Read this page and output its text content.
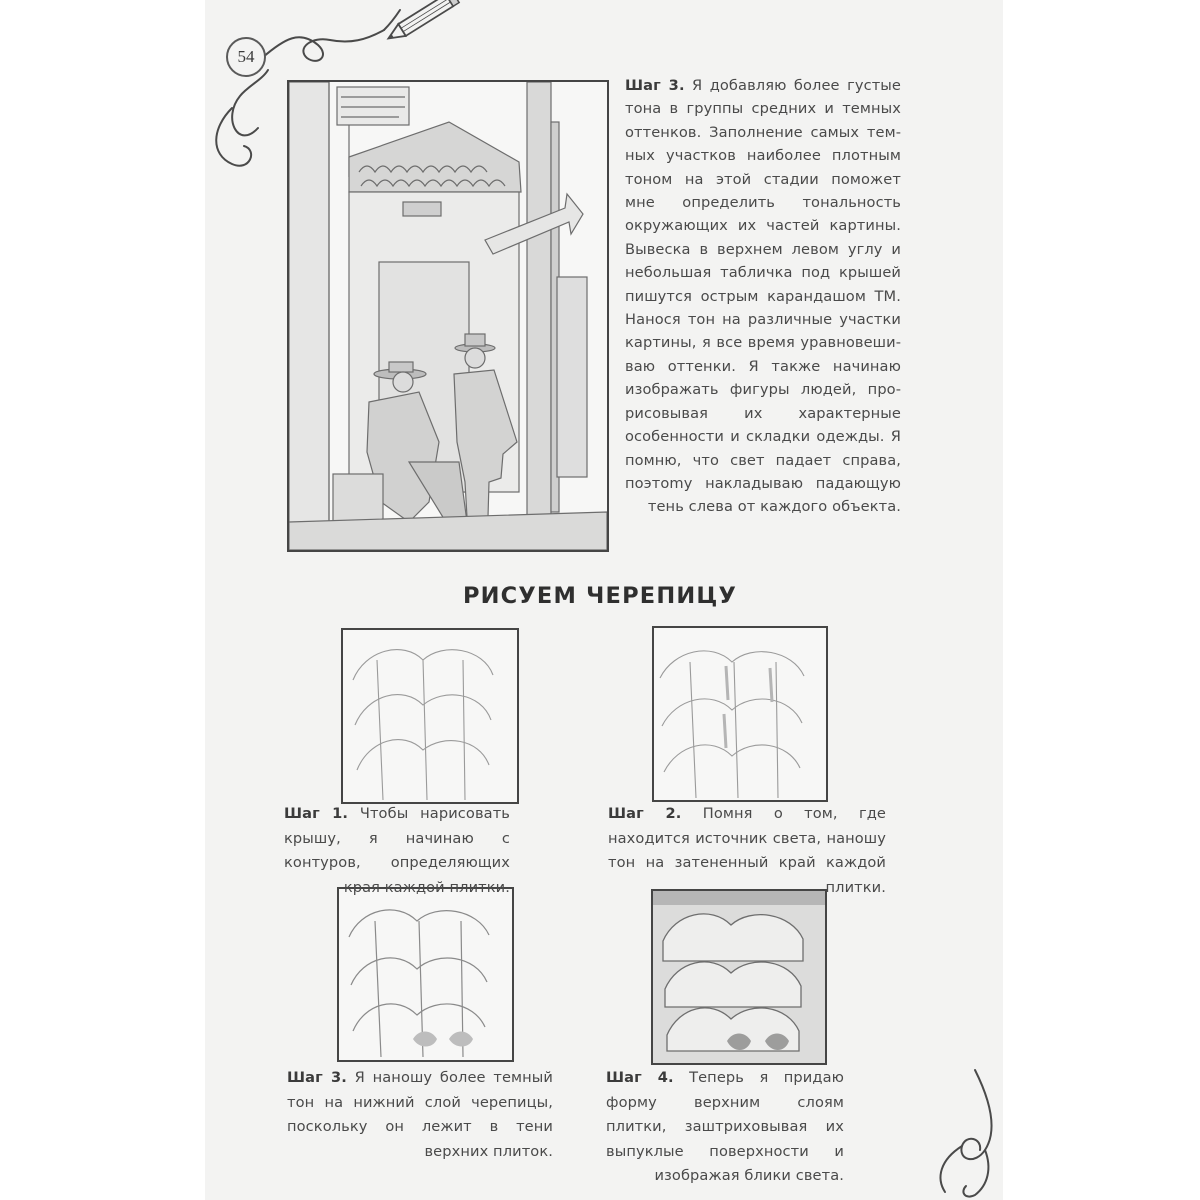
54

Шаг 3. Я добавляю более густые тона в группы средних и темных оттенков. Заполнение самых темных участков наиболее плотным тоном на этой стадии поможет мне определить тональность окружающих их частей картины. Вывеска в верхнем левом углу и небольшая табличка под крышей пишутся острым карандашом ТМ. Нанося тон на различные участки картины, я все время уравновешиваю оттенки. Я также начинаю изображать фигуры людей, прорисовывая их характерные особенности и складки одежды. Я помню, что свет падает справа, поэтоmy накладываю падающую тень слева от каждого объекта.

РИСУЕМ ЧЕРЕПИЦУ

Шаг 1. Чтобы нарисовать крышу, я начинаю с контуров, определяющих края каждой плитки.

Шаг 2. Помня о том, где находится источник света, наношу тон на затененный край каждой плитки.

Шаг 3. Я наношу более темный тон на нижний слой черепицы, поскольку он лежит в тени верхних плиток.

Шаг 4. Теперь я придаю форму верхним слоям плитки, заштриховывая их выпуклые поверхности и изображая блики света.
